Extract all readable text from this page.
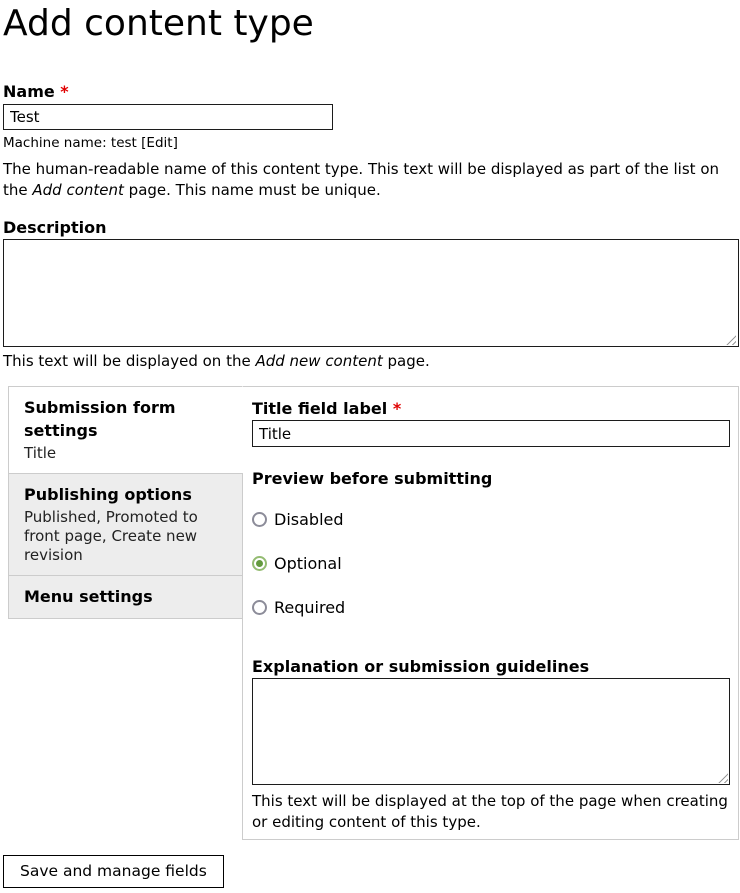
Add content type
Name *
Test
Machine name: test [Edit]
The human-readable name of this content type. This text will be displayed as part of the list on the Add content page. This name must be unique.
Description
This text will be displayed on the Add new content page.
Submission form settings
Title
Publishing options
Published, Promoted to front page, Create new revision
Menu settings
Title field label *
Title
Preview before submitting
Disabled
Optional
Required
Explanation or submission guidelines
This text will be displayed at the top of the page when creating or editing content of this type.
Save and manage fields
